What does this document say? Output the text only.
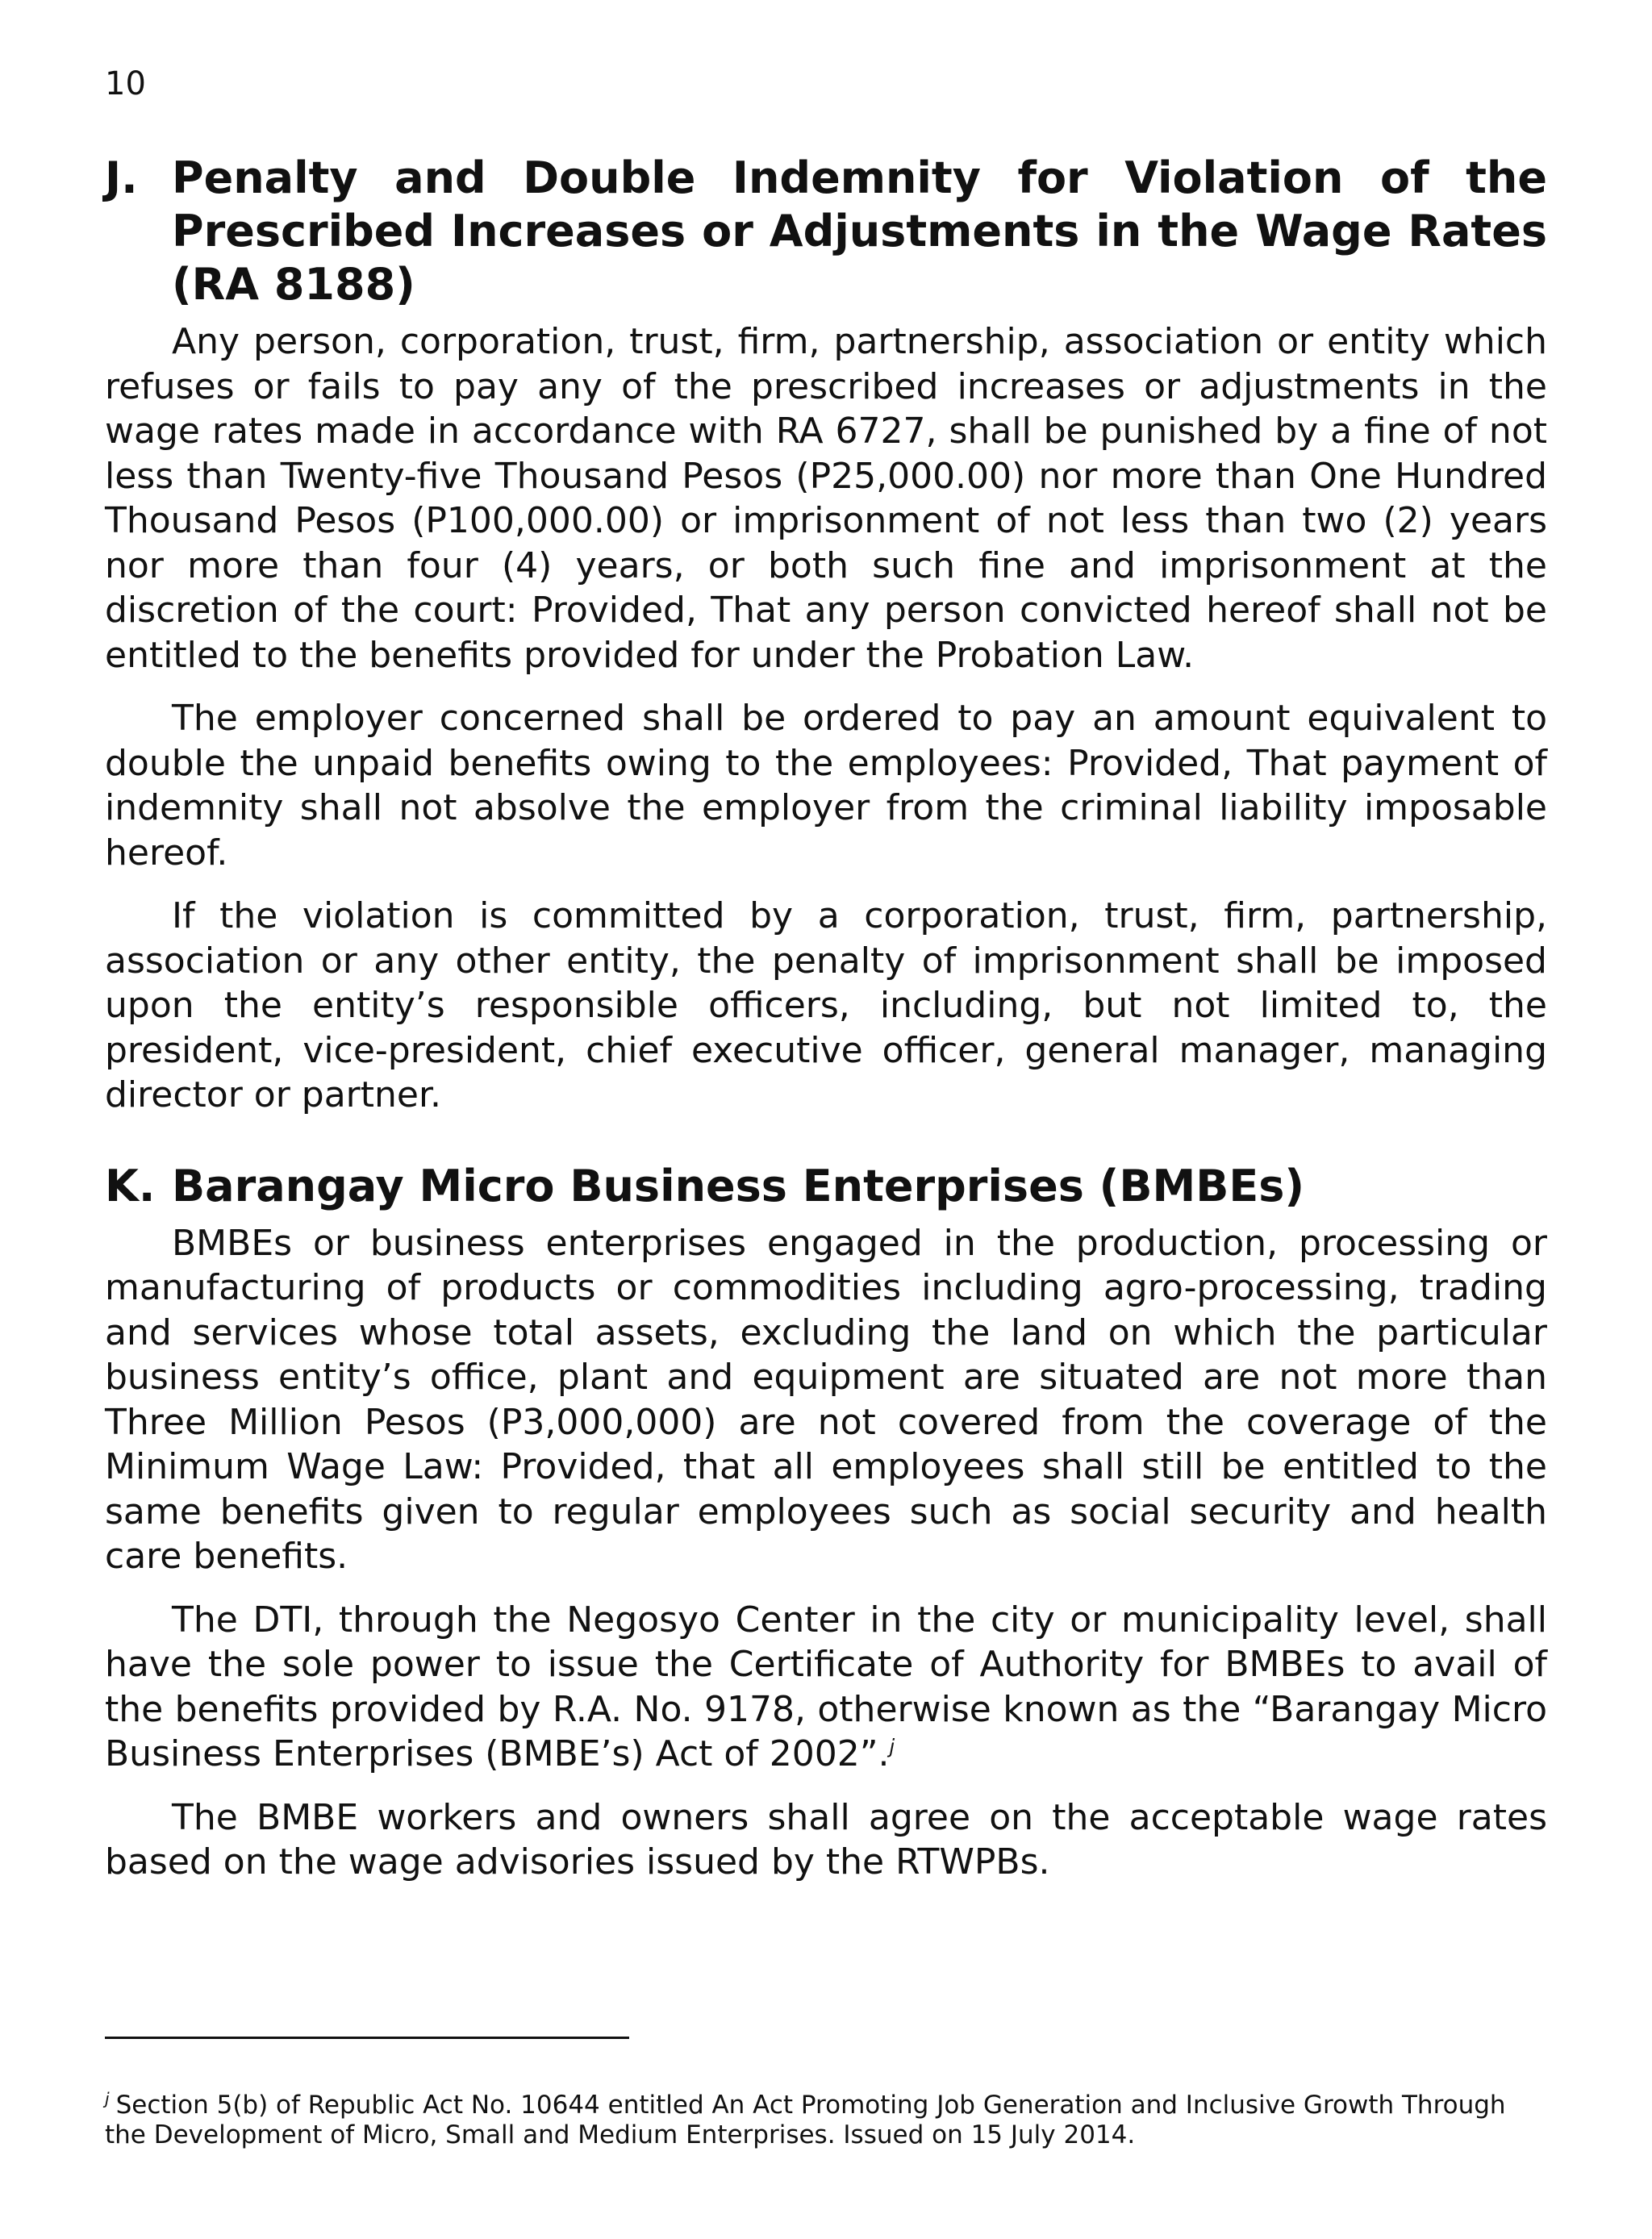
10
J. Penalty and Double Indemnity for Violation of the Prescribed Increases or Adjustments in the Wage Rates (RA 8188)

Any person, corporation, trust, firm, partnership, association or entity which refuses or fails to pay any of the prescribed increases or adjustments in the wage rates made in accordance with RA 6727, shall be punished by a fine of not less than Twenty-five Thousand Pesos (P25,000.00) nor more than One Hundred Thousand Pesos (P100,000.00) or imprisonment of not less than two (2) years nor more than four (4) years, or both such fine and imprisonment at the discretion of the court: Provided, That any person convicted hereof shall not be entitled to the benefits provided for under the Probation Law.

The employer concerned shall be ordered to pay an amount equivalent to double the unpaid benefits owing to the employees: Provided, That payment of indemnity shall not absolve the employer from the criminal liability imposable hereof.

If the violation is committed by a corporation, trust, firm, partnership, association or any other entity, the penalty of imprisonment shall be imposed upon the entity’s responsible officers, including, but not limited to, the president, vice-president, chief executive officer, general manager, managing director or partner.

K. Barangay Micro Business Enterprises (BMBEs)

BMBEs or business enterprises engaged in the production, processing or manufacturing of products or commodities including agro-processing, trading and services whose total assets, excluding the land on which the particular business entity’s office, plant and equipment are situated are not more than Three Million Pesos (P3,000,000) are not covered from the coverage of the Minimum Wage Law: Provided, that all employees shall still be entitled to the same benefits given to regular employees such as social security and health care benefits.

The DTI, through the Negosyo Center in the city or municipality level, shall have the sole power to issue the Certificate of Authority for BMBEs to avail of the benefits provided by R.A. No. 9178, otherwise known as the “Barangay Micro Business Enterprises (BMBE’s) Act of 2002”.$^j$

The BMBE workers and owners shall agree on the acceptable wage rates based on the wage advisories issued by the RTWPBs.

$^j$ Section 5(b) of Republic Act No. 10644 entitled An Act Promoting Job Generation and Inclusive Growth Through the Development of Micro, Small and Medium Enterprises. Issued on 15 July 2014.
